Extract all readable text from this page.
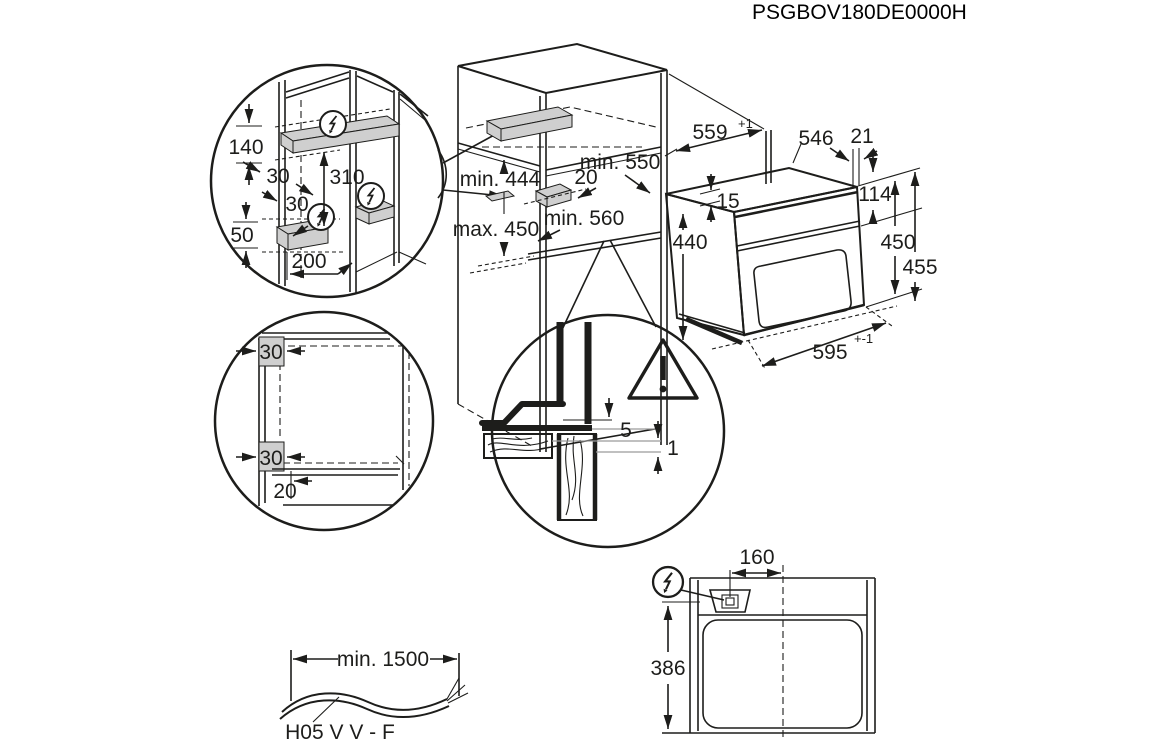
PSGBOV180DE0000H
140
30 310
30
50
200
min. 550
20
min. 444
max. 450 min. 560
559 +1
546 21
114
15
440	450
455
595
+-1
30
30
20
5
1
160
386
min. 1500
H05 V V - F
